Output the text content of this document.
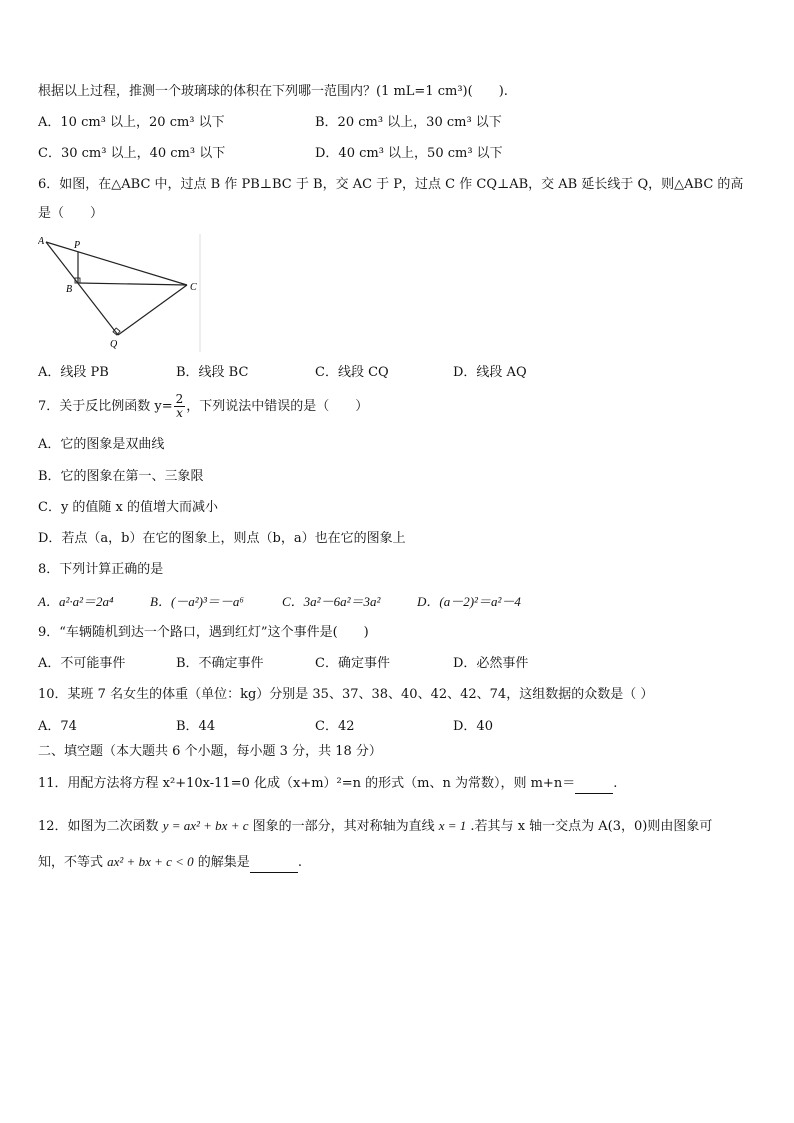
根据以上过程，推测一个玻璃球的体积在下列哪一范围内？(1 mL=1 cm³)(　　).
A．10 cm³ 以上，20 cm³ 以下	B．20 cm³ 以上，30 cm³ 以下
C．30 cm³ 以上，40 cm³ 以下	D．40 cm³ 以上，50 cm³ 以下
6．如图，在△ABC 中，过点 B 作 PB⊥BC 于 B，交 AC 于 P，过点 C 作 CQ⊥AB，交 AB 延长线于 Q，则△ABC 的高
是（　　）
A	P
B	C
Q
A．线段 PB	B．线段 BC	C．线段 CQ	D．线段 AQ
7．关于反比例函数 $y= \frac{2}{x}$ ，下列说法中错误的是（　　）
A．它的图象是双曲线
B．它的图象在第一、三象限
C．y 的值随 x 的值增大而减小
D．若点（a，b）在它的图象上，则点（b，a）也在它的图象上
8．下列计算正确的是
A．a²·a²＝2a⁴	B．(－a²)³＝－a⁶	C．3a²－6a²＝3a²	D．(a－2)²＝a²－4
9．“车辆随机到达一个路口，遇到红灯”这个事件是(　　)
A．不可能事件	B．不确定事件	C．确定事件	D．必然事件
10．某班 7 名女生的体重（单位：kg）分别是 35、37、38、40、42、42、74，这组数据的众数是（ ）
A．74	B．44	C．42	D．40
二、填空题（本大题共 6 个小题，每小题 3 分，共 18 分）
11．用配方法将方程 x²+10x-11=0 化成（x+m）²=n 的形式（m、n 为常数），则 m+n＝	.
12．如图为二次函数 y = ax² + bx + c 图象的一部分，其对称轴为直线 x = 1 .若其与 x 轴一交点为 A(3，0)则由图象可
知，不等式 ax² + bx + c < 0 的解集是	.
